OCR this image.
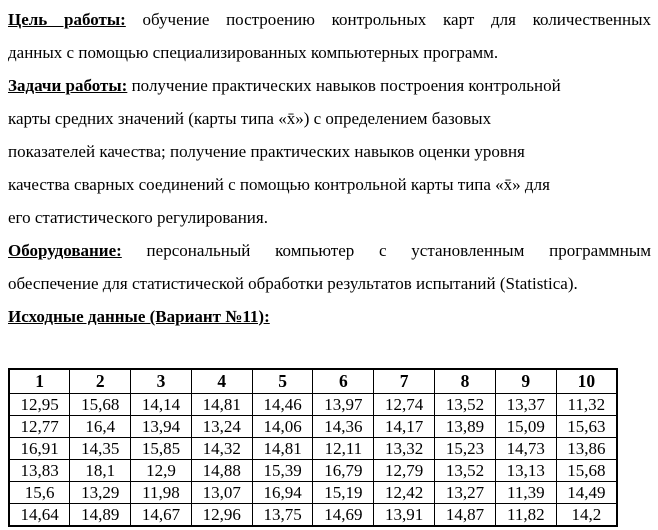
Цель работы: обучение построению контрольных карт для количественных
данных с помощью специализированных компьютерных программ.
Задачи работы: получение практических навыков построения контрольной
карты средних значений (карты типа «x̄») с определением базовых
показателей качества; получение практических навыков оценки уровня
качества сварных соединений с помощью контрольной карты типа «x̄» для
его статистического регулирования.
Оборудование: персональный компьютер с установленным программным
обеспечение для статистической обработки результатов испытаний (Statistica).
Исходные данные (Вариант №11):
1	2	3	4	5	6	7	8	9	10
12,95	15,68	14,14	14,81	14,46	13,97	12,74	13,52	13,37	11,32
12,77	16,4	13,94	13,24	14,06	14,36	14,17	13,89	15,09	15,63
16,91	14,35	15,85	14,32	14,81	12,11	13,32	15,23	14,73	13,86
13,83	18,1	12,9	14,88	15,39	16,79	12,79	13,52	13,13	15,68
15,6	13,29	11,98	13,07	16,94	15,19	12,42	13,27	11,39	14,49
14,64	14,89	14,67	12,96	13,75	14,69	13,91	14,87	11,82	14,2
